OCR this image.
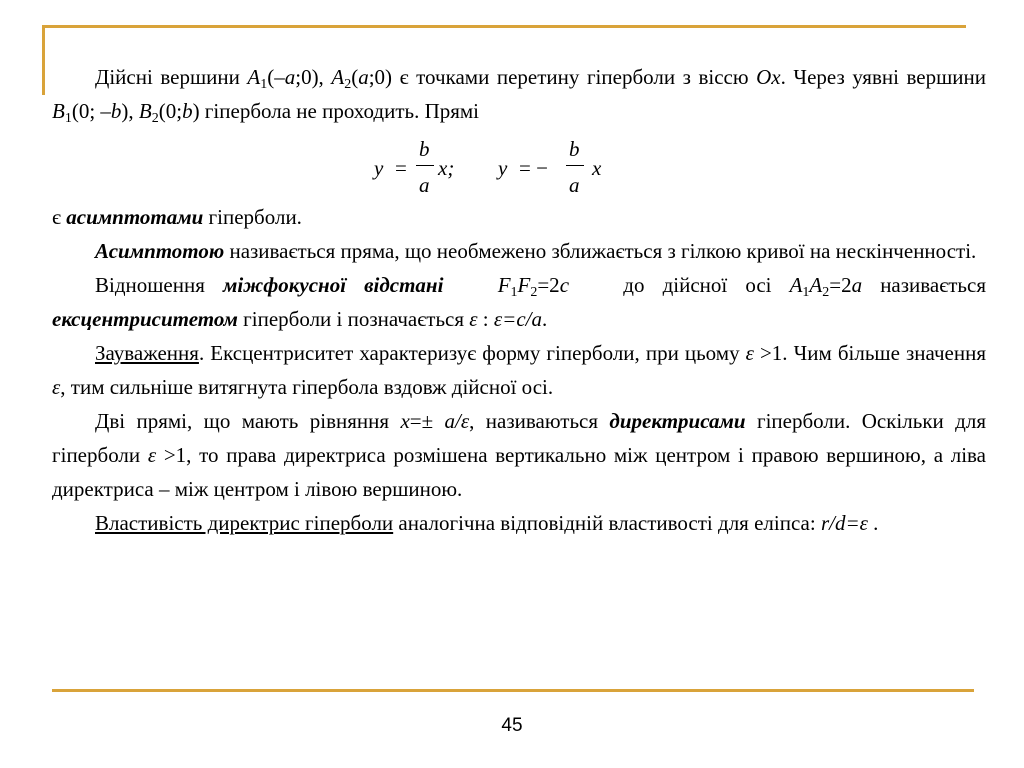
Дійсні вершини $A_1(-a;0)$, $A_2(a;0)$ є точками перетину гіперболи з віссю Ox. Через уявні вершини $B_1(0$; –b), $B_2(0;b)$ гіпербола не проходить. Прямі

y =
b
a
x; y = −
b
a
x

є асимптотами гіперболи.

Асимптотою називається пряма, що необмежено зближається з гілкою кривої на нескінченності.

Відношення міжфокусної відстані	$F_1F_2=2c$   до дійсної осі $A_1A_2=2a$ називається ексцентриситетом гіперболи і позначається ε : ε=c/a.

Зауваження. Ексцентриситет характеризує форму гіперболи, при цьому ε >1. Чим більше значення ε, тим сильніше витягнута гіпербола вздовж дійсної осі.

Дві прямі, що мають рівняння x=± a/ε, називаються директрисами гіперболи. Оскільки для гіперболи ε >1, то права директриса розмішена вертикально між центром і правою вершиною, а ліва директриса – між центром і лівою вершиною.

Властивість директрис гіперболи аналогічна відповідній властивості для еліпса: r/d=ε .

45
